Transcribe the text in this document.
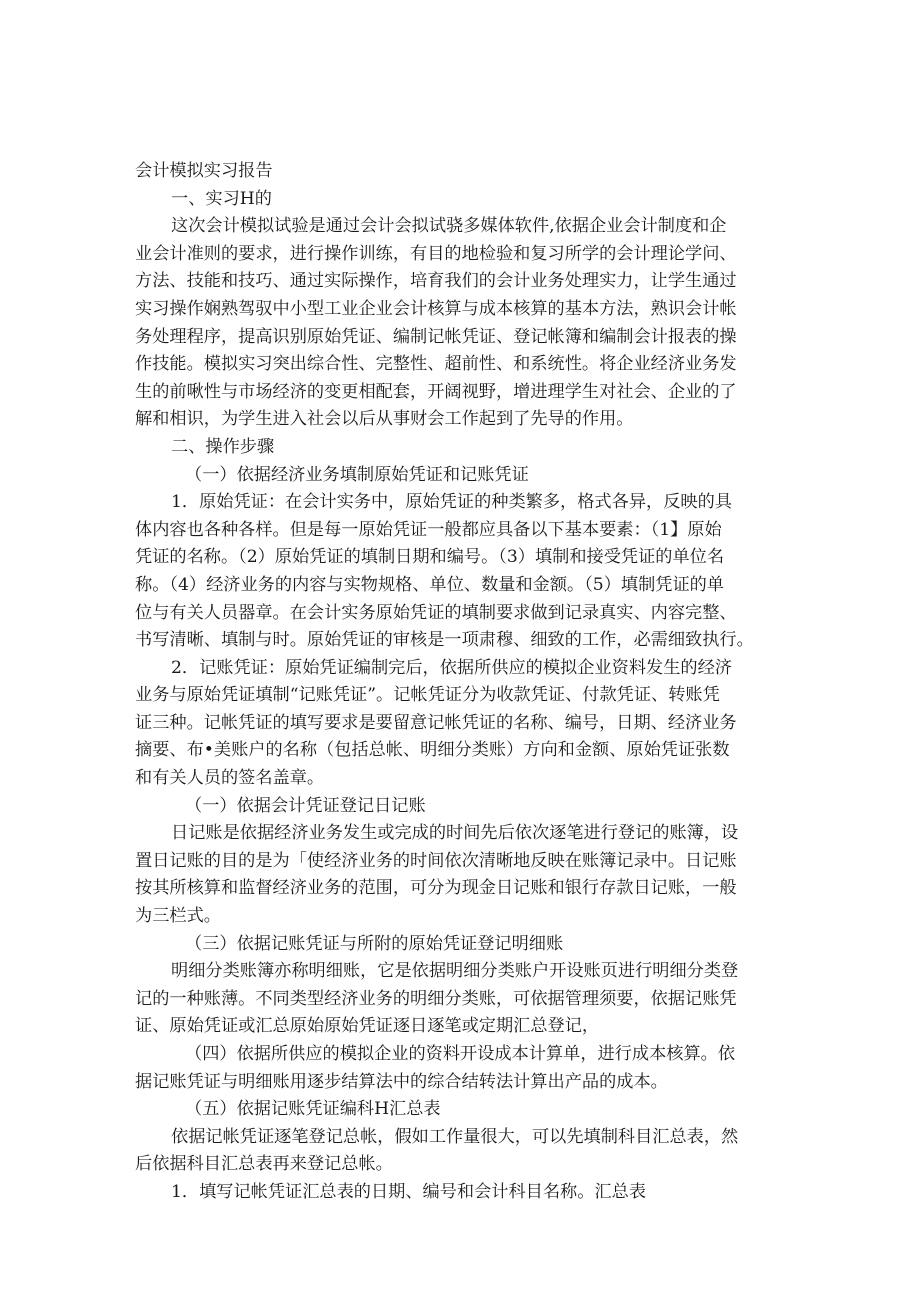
会计模拟实习报告
一、实习H的
这次会计模拟试验是通过会计会拟试骁多媒体软件,依据企业会计制度和企
业会计准则的要求，进行操作训练，有目的地检验和复习所学的会计理论学问、
方法、技能和技巧、通过实际操作，培育我们的会计业务处理实力，让学生通过
实习操作娴熟驾驭中小型工业企业会计核算与成本核算的基本方法，熟识会计帐
务处理程序，提高识别原始凭证、编制记帐凭证、登记帐簿和编制会计报表的操
作技能。模拟实习突出综合性、完整性、超前性、和系统性。将企业经济业务发
生的前啾性与市场经济的变更相配套，开阔视野，增进理学生对社会、企业的了
解和相识，为学生进入社会以后从事财会工作起到了先导的作用。
二、操作步骤
（一）依据经济业务填制原始凭证和记账凭证
1．原始凭证：在会计实务中，原始凭证的种类繁多，格式各异，反映的具
体内容也各种各样。但是每一原始凭证一般都应具备以下基本要素：（1】原始
凭证的名称。（2）原始凭证的填制日期和编号。（3）填制和接受凭证的单位名
称。（4）经济业务的内容与实物规格、单位、数量和金额。（5）填制凭证的单
位与有关人员器章。在会计实务原始凭证的填制要求做到记录真实、内容完整、
书写清晰、填制与时。原始凭证的审核是一项肃穆、细致的工作，必需细致执行。
2．记账凭证：原始凭证编制完后，依据所供应的模拟企业资料发生的经济
业务与原始凭证填制“记账凭证”。记帐凭证分为收款凭证、付款凭证、转账凭
证三种。记帐凭证的填写要求是要留意记帐凭证的名称、编号，日期、经济业务
摘要、布•美账户的名称（包括总帐、明细分类账）方向和金额、原始凭证张数
和有关人员的签名盖章。
（一）依据会计凭证登记日记账
日记账是依据经济业务发生或完成的时间先后依次逐笔进行登记的账簿，设
置日记账的目的是为「使经济业务的时间依次清晰地反映在账簿记录中。日记账
按其所核算和监督经济业务的范围，可分为现金日记账和银行存款日记账，一般
为三栏式。
（三）依据记账凭证与所附的原始凭证登记明细账
明细分类账簿亦称明细账，它是依据明细分类账户开设账页进行明细分类登
记的一种账薄。不同类型经济业务的明细分类账，可依据管理须要，依据记账凭
证、原始凭证或汇总原始原始凭证逐日逐笔或定期汇总登记，
（四）依据所供应的模拟企业的资料开设成本计算单，进行成本核算。依
据记账凭证与明细账用逐步结算法中的综合结转法计算出产品的成本。
（五）依据记账凭证编科H汇总表
依据记帐凭证逐笔登记总帐，假如工作量很大，可以先填制科目汇总表，然
后依据科目汇总表再来登记总帐。
1．填写记帐凭证汇总表的日期、编号和会计科目名称。汇总表
